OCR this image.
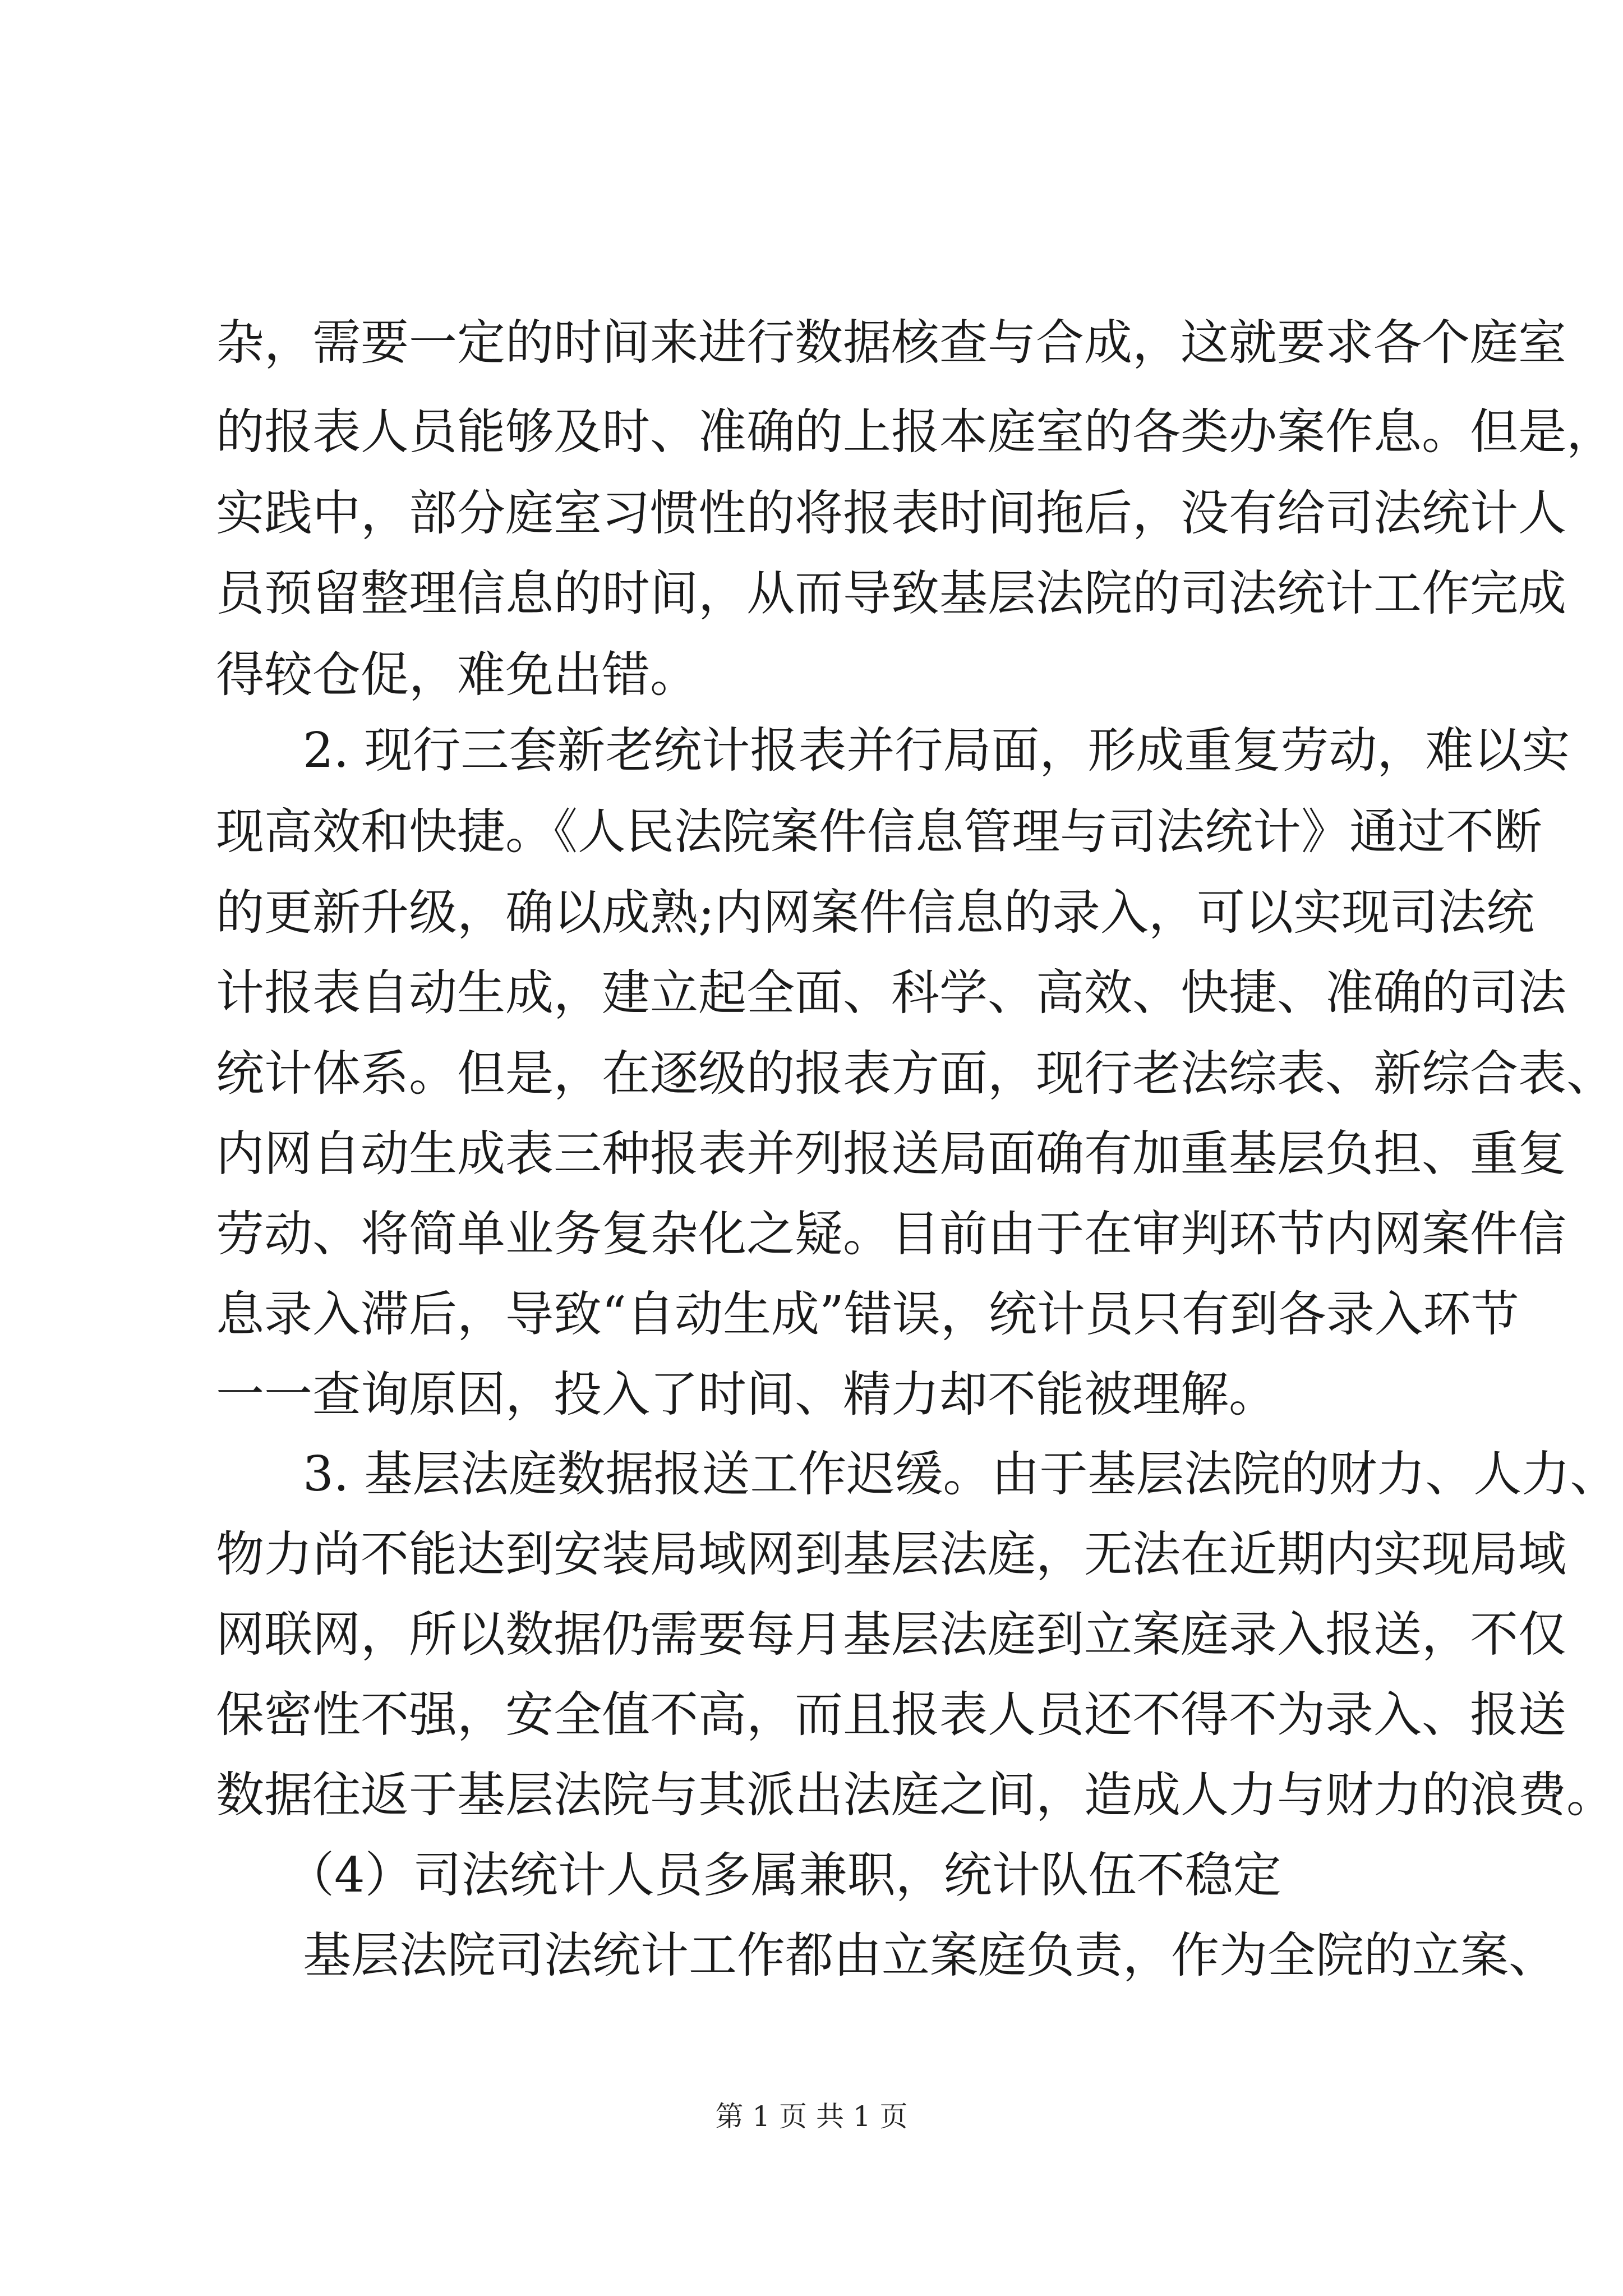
杂，需要一定的时间来进行数据核查与合成，这就要求各个庭室
的报表人员能够及时、准确的上报本庭室的各类办案作息。但是，
实践中，部分庭室习惯性的将报表时间拖后，没有给司法统计人
员预留整理信息的时间，从而导致基层法院的司法统计工作完成
得较仓促，难免出错。
2. 现行三套新老统计报表并行局面，形成重复劳动，难以实
现高效和快捷。《人民法院案件信息管理与司法统计》通过不断
的更新升级，确以成熟;内网案件信息的录入，可以实现司法统
计报表自动生成，建立起全面、科学、高效、快捷、准确的司法
统计体系。但是，在逐级的报表方面，现行老法综表、新综合表、
内网自动生成表三种报表并列报送局面确有加重基层负担、重复
劳动、将简单业务复杂化之疑。目前由于在审判环节内网案件信
息录入滞后，导致“自动生成”错误，统计员只有到各录入环节
一一查询原因，投入了时间、精力却不能被理解。
3. 基层法庭数据报送工作迟缓。由于基层法院的财力、人力、
物力尚不能达到安装局域网到基层法庭，无法在近期内实现局域
网联网，所以数据仍需要每月基层法庭到立案庭录入报送，不仅
保密性不强，安全值不高，而且报表人员还不得不为录入、报送
数据往返于基层法院与其派出法庭之间，造成人力与财力的浪费。
（4）司法统计人员多属兼职，统计队伍不稳定
基层法院司法统计工作都由立案庭负责，作为全院的立案、
第 1 页 共 1 页
